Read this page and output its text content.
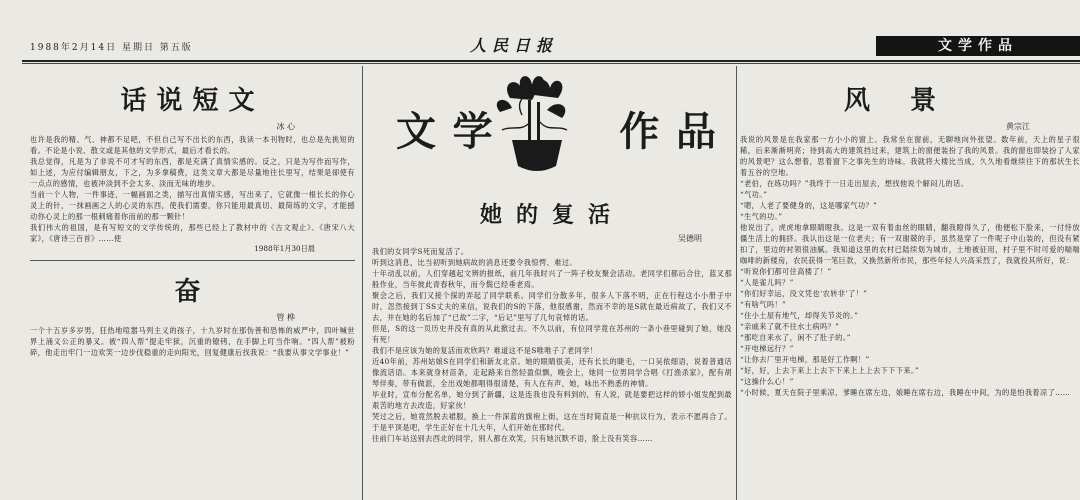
1988年2月14日 星期日 第五版	人民日报	文学作品
话说短文

冰 心

也许是我的精、气、神都不足吧，不但自己写不出长的东西，我读一本刊物时，也总是先挑短的看。不论是小说、散文或是其他的文学形式，最后才看长的。

我总觉得，凡是为了非说不可才写的东西，都是充满了真情实感的。反之，只是为写作而写作，如上述，为应付编辑朋友，下之，为多拿稿费，这类文章大都是尽量地往长里写，结果是卻使有一点点的感情，也被冲淡到不会太多、淡而无味的地步。

当前一个人物，一件事迹，一幅画面之类，描写出真情实感，写出来了，它就像一根长长的你心灵上的针，一抹画画之人的心灵的东西，使我们需要，你只能用最真切、最简练的文字，才能撼动你心灵上的那一根刺痛着你而前的那一颗针！

我们伟大的祖国，是有写短文的文学传统的，那些已经上了教材中的《古文观止》、《唐宋八大家》，《唐诗三百首》……使

1988年1月30日晨

奋

管 桦

一个十五岁多岁男，狂热地喧嚣马列主义的孩子，十九岁时在那伪善和恐怖的威严中，四叶喊世界上涌义公正的暴叉。被“四人帮”提走牢狱，沉重的镣铐，在手脚上叮当作响。“四人帮”被粉碎，他走出牢门一边欢笑一边步伐稳重的走向阳光，回复健康后找我说：“我要从事文学事业！”

文 学	作 品
她的复活

吴德明

我们的女同学S死而复活了。

听到这消息，比当初听到她病故的消息还要令我惊愕、难过。

十年动乱以前，人们穿越起文辨的报纸，前几年我时兴了一阵子校友聚会活动。老同学们都后合住，蓝叉那般作业，当年彼此青春秋年，而今鬓已经垂老焉。

聚会之后，我们又接个探的弄起了同学联系。同学们分散多年，很多人下落不明，正在行程这小小册子中时，忽然接到丁SS丈夫的来信，说我们的S的下落，他很感谢，然而不幸的是S就在最近病故了，我们又不去，井在她的名后加了“已故”二字，“后记”里写了几句哀悼的话。

但是，S的这一页历史并没有真的从此掀过去。不久以前，有位同学竟在苏州的一条小巷里碰到了她，她没有死！

我们不是应该为她的复活而欢欣吗？难道这不是S唯唯子了老同学！

近40年前，苏州姑娘S在同学们和新友北京。她的眼睛很美，还有长长的睫毛，一口吴侬细语，说着普通话像流话语。本来就身材苗条，走起路来自然轻盈似飘，晚会上，她同一位男同学合唱《打渔杀家》，配有胡琴伴奏，带有做派，全出戏她都唱得很清楚，有人在有声，她，咏出不熟悉的神情。

毕业时，宣布分配名单，她分到了新疆，这是连我也没有料到的，有人说，就是要把这样的娇小姐发配到最艰苦的地方去改造，好家伙！

哭过之后，她竟然脱去裙服，换上一件深蓝的旗袍上街，这在当时简直是一种抗议行为，表示不愿再合了。于是平顶是吧，学生正好在十几大年，人们开始在那时代。

往前门车站送别去西北的同学，别人都在欢笑，只有她沉默不语，脸上没有笑容……

风景

黄宗江

我说的风景是在我家那一方小小的窗上。我常坐在窗前，无聊地向外张望。数年前，天上的星子很稀，后来渐渐明亮；待到高大的建筑挡过来，建筑上的窗便装扮了我的风景。我的窗也即装扮了人家的风景吧？这么想着，思着窗下之事先生的诗味。我就将大楼比当成，久久地看继续往下的那状生长着五谷的空地。

“老伯，在练功吗？”我终于一日走出屋去，想找他说个解闷儿的话。

“气功。”

“嗯，人老了要健身的，这是哪家气功？”

“生气的功。”

他说出了，虎虎地拿眼睛瞪我。这是一双有着血丝的眼睛，翻我瞪得久了，他便松下脸来，一付恃放僵生活上的拥挤。我认出这是一位老夫；有一双谢兢的手，虽然是穿了一件呢子中山装的，但没有紧扣了，里边的衬领很油腻。我知道这里的农村已陆续划为城市，土地被征用，村子里不时可爱的喘喘咖啡的新楼房，农民获得一笔巨款，又换然新所市民，那些年轻人兴高采烈了，我就投其所好，说：

“听说你们都可住高楼了！”

“人是雀儿吗？”

“你们好幸运，没文凭也‘农转非’了！”

“有啥气吗！”

“住小土屋有地气，却得关节炎的。”

“亲戚来了就不往水土病吗？”

“那吃自来水了，闲不了肚子的。”

“开电梯远行？”

“让你去厂里开电梯，那是好工作啊！”

“好，好，上去下来上上去下下来上上上去下下下来。”

“这操什么心！”

“小时候，夏天在院子里乘凉，爹睡在席左边，娘睡在席右边，我睡在中间，为的是怕我着凉了……
